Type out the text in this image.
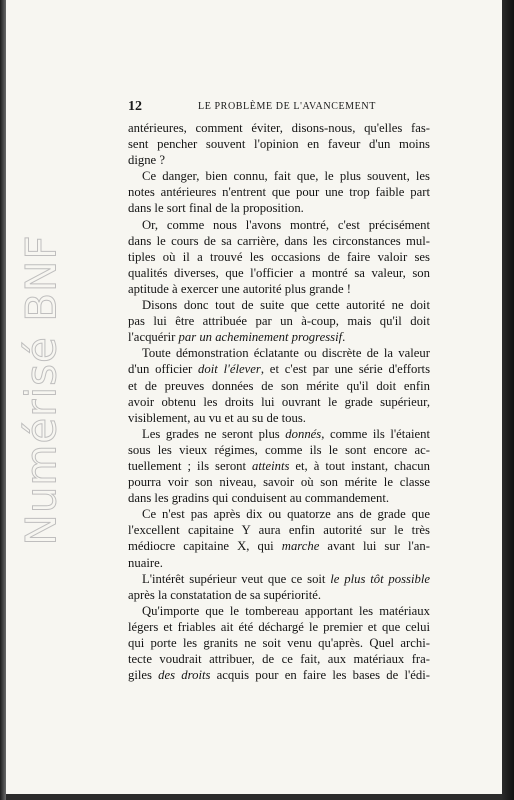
Numérisé BNF
12	LE PROBLÈME DE L'AVANCEMENT
antérieures, comment éviter, disons-nous, qu'elles fas-
sent pencher souvent l'opinion en faveur d'un moins
digne ?
Ce danger, bien connu, fait que, le plus souvent, les
notes antérieures n'entrent que pour une trop faible part
dans le sort final de la proposition.
Or, comme nous l'avons montré, c'est précisément
dans le cours de sa carrière, dans les circonstances mul-
tiples où il a trouvé les occasions de faire valoir ses
qualités diverses, que l'officier a montré sa valeur, son
aptitude à exercer une autorité plus grande !
Disons donc tout de suite que cette autorité ne doit
pas lui être attribuée par un à-coup, mais qu'il doit
l'acquérir par un acheminement progressif.
Toute démonstration éclatante ou discrète de la valeur
d'un officier doit l'élever, et c'est par une série d'efforts
et de preuves données de son mérite qu'il doit enfin
avoir obtenu les droits lui ouvrant le grade supérieur,
visiblement, au vu et au su de tous.
Les grades ne seront plus donnés, comme ils l'étaient
sous les vieux régimes, comme ils le sont encore ac-
tuellement ; ils seront atteints et, à tout instant, chacun
pourra voir son niveau, savoir où son mérite le classe
dans les gradins qui conduisent au commandement.
Ce n'est pas après dix ou quatorze ans de grade que
l'excellent capitaine Y aura enfin autorité sur le très
médiocre capitaine X, qui marche avant lui sur l'an-
nuaire.
L'intérêt supérieur veut que ce soit le plus tôt possible
après la constatation de sa supériorité.
Qu'importe que le tombereau apportant les matériaux
légers et friables ait été déchargé le premier et que celui
qui porte les granits ne soit venu qu'après. Quel archi-
tecte voudrait attribuer, de ce fait, aux matériaux fra-
giles des droits acquis pour en faire les bases de l'édi-
